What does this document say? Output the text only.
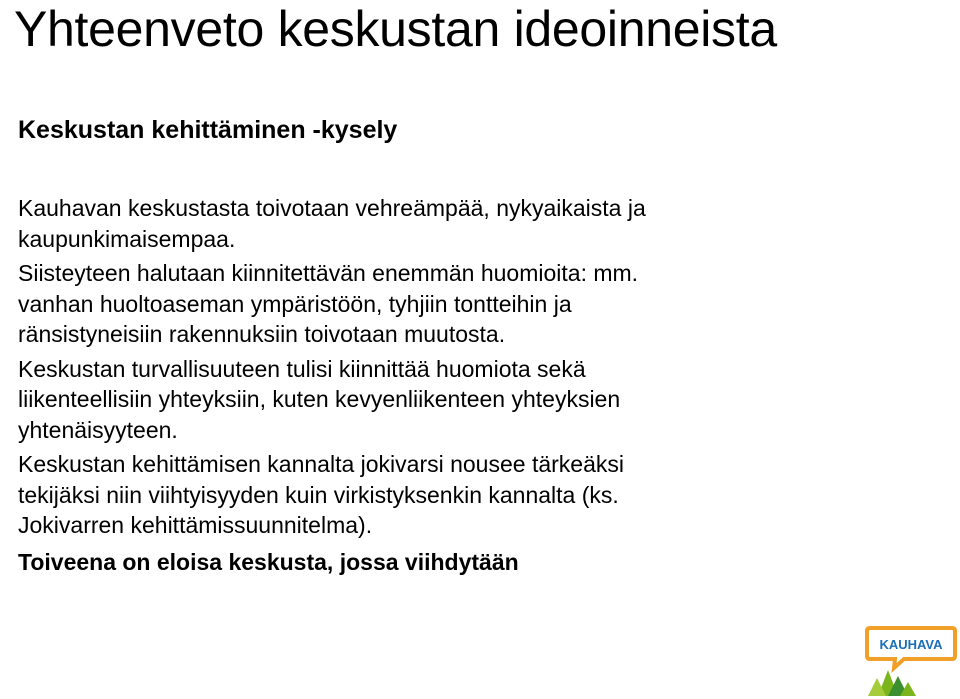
Yhteenveto keskustan ideoinneista
Keskustan kehittäminen -kysely

Kauhavan keskustasta toivotaan vehreämpää, nykyaikaista ja
kaupunkimaisempaa.

Siisteyteen halutaan kiinnitettävän enemmän huomioita: mm.
vanhan huoltoaseman ympäristöön, tyhjiin tontteihin ja
ränsistyneisiin rakennuksiin toivotaan muutosta.

Keskustan turvallisuuteen tulisi kiinnittää huomiota sekä
liikenteellisiin yhteyksiin, kuten kevyenliikenteen yhteyksien
yhtenäisyyteen.

Keskustan kehittämisen kannalta jokivarsi nousee tärkeäksi
tekijäksi niin viihtyisyyden kuin virkistyksenkin kannalta (ks.
Jokivarren kehittämissuunnitelma).

Toiveena on eloisa keskusta, jossa viihdytään

KAUHAVA
